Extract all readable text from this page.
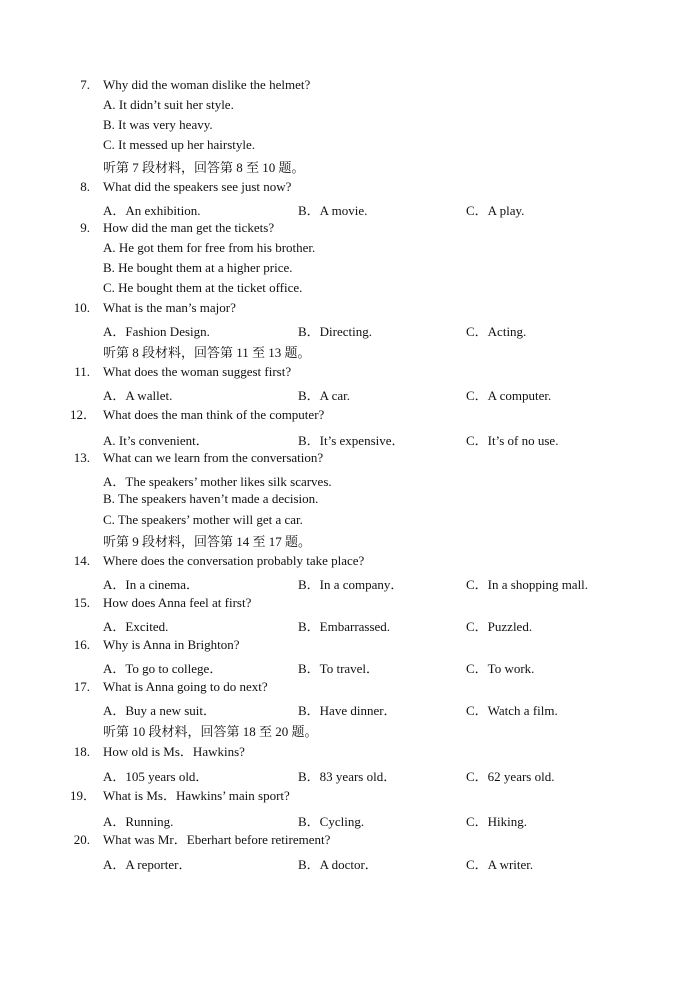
7. Why did the woman dislike the helmet?
A. It didn’t suit her style.
B. It was very heavy.
C. It messed up her hairstyle.
听第 7 段材料，回答第 8 至 10 题。
8. What did the speakers see just now?
A．An exhibition.	B．A movie.	C．A play.
9. How did the man get the tickets?
A. He got them for free from his brother.
B. He bought them at a higher price.
C. He bought them at the ticket office.
10. What is the man’s major?
A．Fashion Design.	B．Directing.	C．Acting.
听第 8 段材料，回答第 11 至 13 题。
11. What does the woman suggest first?
A．A wallet.	B．A car.	C．A computer.
12． What does the man think of the computer?
A. It’s convenient．	B．It’s expensive．	C．It’s of no use.
13. What can we learn from the conversation?
A．The speakers’ mother likes silk scarves.
B. The speakers haven’t made a decision.
C. The speakers’ mother will get a car.
听第 9 段材料，回答第 14 至 17 题。
14. Where does the conversation probably take place?
A．In a cinema．	B．In a company．	C．In a shopping mall.
15. How does Anna feel at first?
A．Excited.	B．Embarrassed.	C．Puzzled.
16. Why is Anna in Brighton?
A．To go to college．	B．To travel．	C．To work.
17. What is Anna going to do next?
A．Buy a new suit．	B．Have dinner．	C．Watch a film.
听第 10 段材料，回答第 18 至 20 题。
18. How old is Ms．Hawkins?
A．105 years old．	B．83 years old．	C．62 years old.
19． What is Ms．Hawkins’ main sport?
A．Running.	B．Cycling.	C．Hiking.
20. What was Mr．Eberhart before retirement?
A．A reporter．	B．A doctor．	C．A writer.
